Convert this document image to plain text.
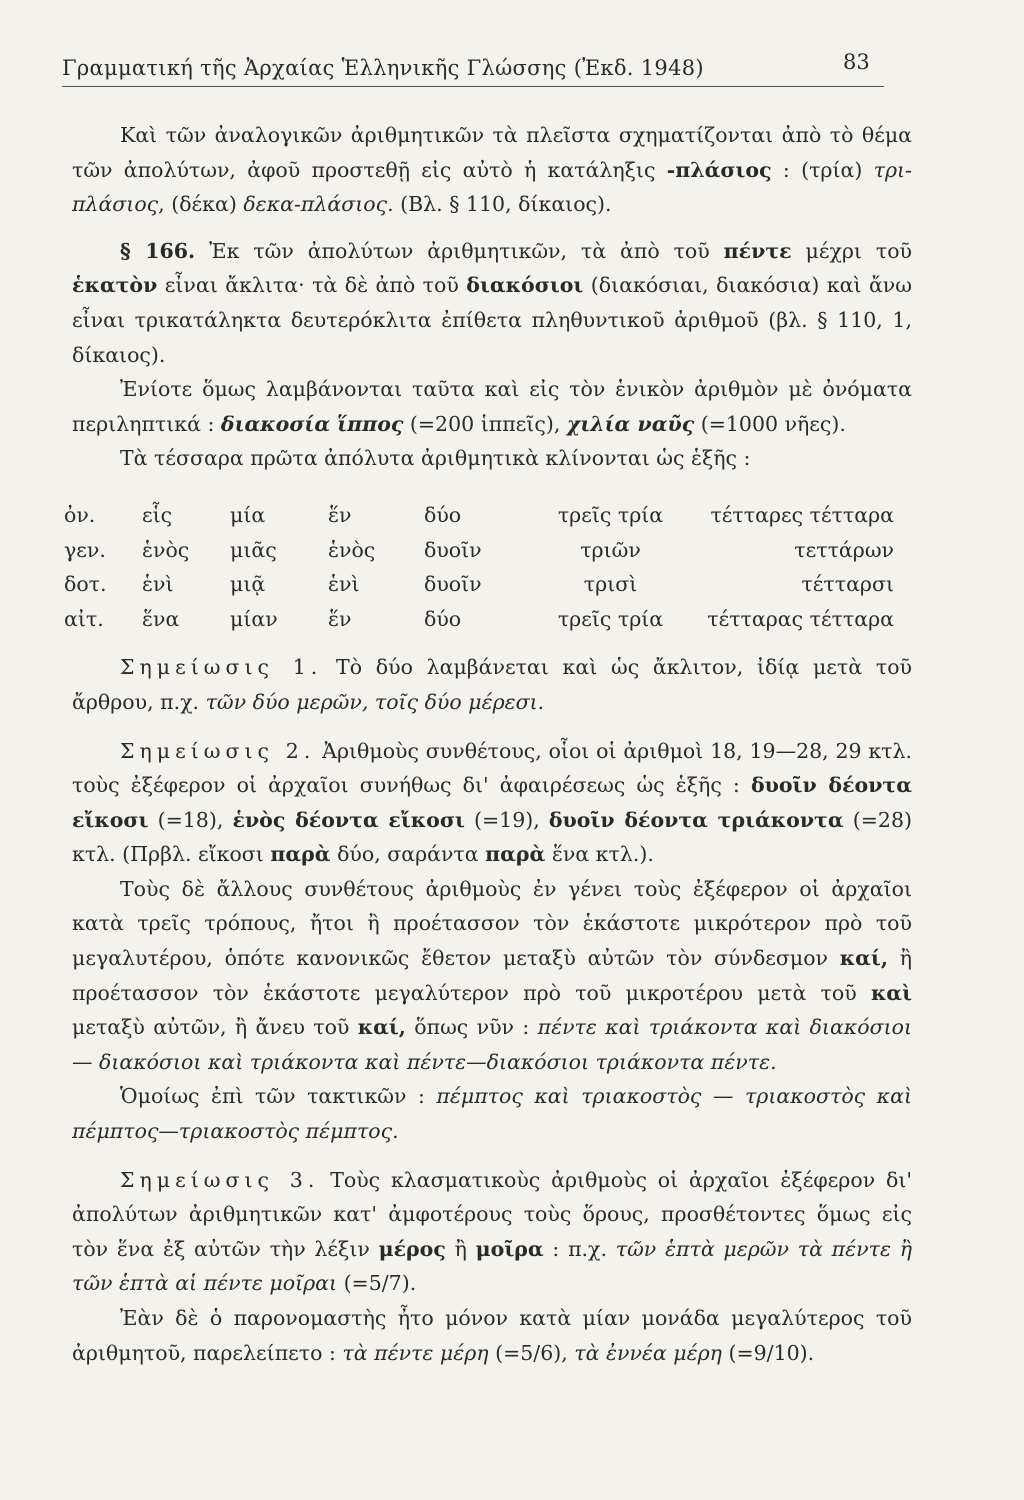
Γραμματική τῆς Ἀρχαίας Ἑλληνικῆς Γλώσσης (Ἐκδ. 1948)	83

Καὶ τῶν ἀναλογικῶν ἀριθμητικῶν τὰ πλεῖστα σχηματίζονται ἀπὸ τὸ θέμα τῶν ἀπολύτων, ἀφοῦ προστεθῇ εἰς αὐτὸ ἡ κατάληξις -πλάσιος : (τρία) τρι-πλάσιος, (δέκα) δεκα-πλάσιος. (Βλ. § 110, δίκαιος).

§ 166. Ἐκ τῶν ἀπολύτων ἀριθμητικῶν, τὰ ἀπὸ τοῦ πέντε μέχρι τοῦ ἑκατὸν εἶναι ἄκλιτα· τὰ δὲ ἀπὸ τοῦ διακόσιοι (διακόσιαι, διακόσια) καὶ ἄνω εἶναι τρικατάληκτα δευτερόκλιτα ἐπίθετα πληθυντικοῦ ἀριθμοῦ (βλ. § 110, 1, δίκαιος).

Ἐνίοτε ὅμως λαμβάνονται ταῦτα καὶ εἰς τὸν ἑνικὸν ἀριθμὸν μὲ ὀνόματα περιληπτικά : διακοσία ἵππος (=200 ἱππεῖς), χιλία ναῦς (=1000 νῆες).

Τὰ τέσσαρα πρῶτα ἀπόλυτα ἀριθμητικὰ κλίνονται ὡς ἑξῆς :

ὀν.	εἷς	μία	ἕν	δύο	τρεῖς τρία	τέτταρες τέτταρα
γεν.	ἑνὸς	μιᾶς	ἑνὸς	δυοῖν	τριῶν	τεττάρων
δοτ.	ἑνὶ	μιᾷ	ἑνὶ	δυοῖν	τρισὶ	τέτταρσι
αἰτ.	ἕνα	μίαν	ἕν	δύο	τρεῖς τρία	τέτταρας τέτταρα

Σημείωσις 1. Τὸ δύο λαμβάνεται καὶ ὡς ἄκλιτον, ἰδίᾳ μετὰ τοῦ ἄρθρου, π.χ. τῶν δύο μερῶν, τοῖς δύο μέρεσι.

Σημείωσις 2. Ἀριθμοὺς συνθέτους, οἷοι οἱ ἀριθμοὶ 18, 19—28, 29 κτλ. τοὺς ἐξέφερον οἱ ἀρχαῖοι συνήθως δι' ἀφαιρέσεως ὡς ἑξῆς : δυοῖν δέοντα εἴκοσι (=18), ἑνὸς δέοντα εἴκοσι (=19), δυοῖν δέοντα τριάκοντα (=28) κτλ. (Πρβλ. εἴκοσι παρὰ δύο, σαράντα παρὰ ἕνα κτλ.).

Τοὺς δὲ ἄλλους συνθέτους ἀριθμοὺς ἐν γένει τοὺς ἐξέφερον οἱ ἀρχαῖοι κατὰ τρεῖς τρόπους, ἤτοι ἢ προέτασσον τὸν ἑκάστοτε μικρότερον πρὸ τοῦ μεγαλυτέρου, ὁπότε κανονικῶς ἔθετον μεταξὺ αὐτῶν τὸν σύνδεσμον καί, ἢ προέτασσον τὸν ἑκάστοτε μεγαλύτερον πρὸ τοῦ μικροτέρου μετὰ τοῦ καὶ μεταξὺ αὐτῶν, ἢ ἄνευ τοῦ καί, ὅπως νῦν : πέντε καὶ τριάκοντα καὶ διακόσιοι — διακόσιοι καὶ τριάκοντα καὶ πέντε—διακόσιοι τριάκοντα πέντε.

Ὁμοίως ἐπὶ τῶν τακτικῶν : πέμπτος καὶ τριακοστὸς — τριακοστὸς καὶ πέμπτος—τριακοστὸς πέμπτος.

Σημείωσις 3. Τοὺς κλασματικοὺς ἀριθμοὺς οἱ ἀρχαῖοι ἐξέφερον δι' ἀπολύτων ἀριθμητικῶν κατ' ἀμφοτέρους τοὺς ὅρους, προσθέτοντες ὅμως εἰς τὸν ἕνα ἐξ αὐτῶν τὴν λέξιν μέρος ἢ μοῖρα : π.χ. τῶν ἑπτὰ μερῶν τὰ πέντε ἢ τῶν ἑπτὰ αἱ πέντε μοῖραι (=5/7).

Ἐὰν δὲ ὁ παρονομαστὴς ἦτο μόνον κατὰ μίαν μονάδα μεγαλύτερος τοῦ ἀριθμητοῦ, παρελείπετο : τὰ πέντε μέρη (=5/6), τὰ ἐννέα μέρη (=9/10).
